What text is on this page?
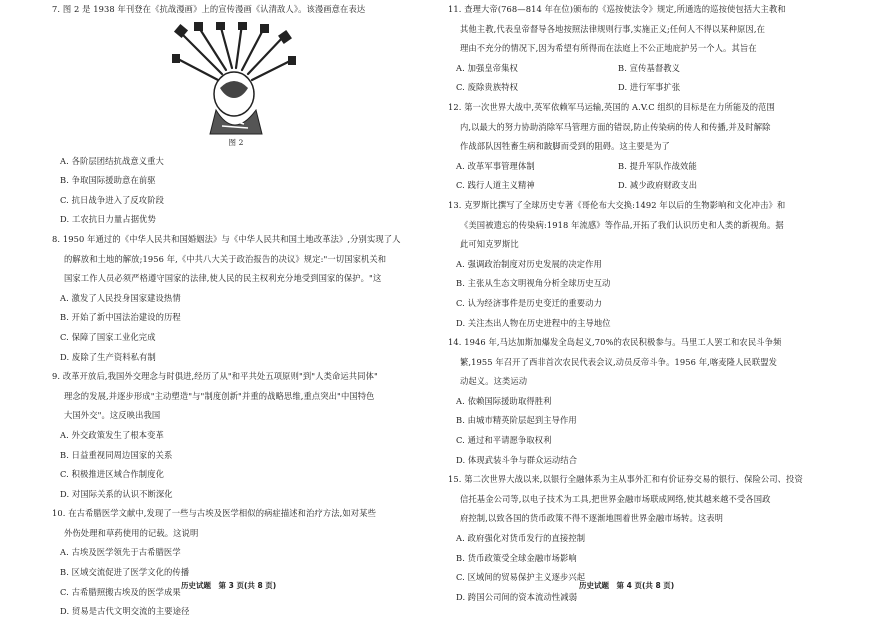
7. 图 2 是 1938 年刊登在《抗战漫画》上的宣传漫画《认清敌人》。该漫画意在表达
图 2
A. 各阶层团结抗战意义重大
B. 争取国际援助意在前驱
C. 抗日战争进入了反攻阶段
D. 工农抗日力量占据优势
8. 1950 年通过的《中华人民共和国婚姻法》与《中华人民共和国土地改革法》,分别实现了人
的解放和土地的解放;1956 年,《中共八大关于政治报告的决议》规定:"一切国家机关和
国家工作人员必须严格遵守国家的法律,使人民的民主权利充分地受到国家的保护。"这
A. 激发了人民投身国家建设热情
B. 开始了新中国法治建设的历程
C. 保障了国家工业化完成
D. 废除了生产资料私有制
9. 改革开放后,我国外交理念与时俱进,经历了从"和平共处五项原则"到"人类命运共同体"
理念的发展,并逐步形成"主动塑造"与"制度创新"并重的战略思维,重点突出"中国特色
大国外交"。这反映出我国
A. 外交政策发生了根本变革
B. 日益重视同周边国家的关系
C. 积极推进区域合作制度化
D. 对国际关系的认识不断深化
10. 在古希腊医学文献中,发现了一些与古埃及医学相似的病症描述和治疗方法,如对某些
外伤处理和草药使用的记载。这说明
A. 古埃及医学领先于古希腊医学
B. 区域交流促进了医学文化的传播
C. 古希腊照搬古埃及的医学成果
D. 贸易是古代文明交流的主要途径
11. 查理大帝(768—814 年在位)颁布的《巡按使法令》规定,所通选的巡按使包括大主教和
其他主教,代表皇帝督导各地按照法律规则行事,实施正义;任何人不得以某种原因,在
理由不充分的情况下,因为希望有所得而在法庭上不公正地庇护另一个人。其旨在
A. 加强皇帝集权	B. 宣传基督教义
C. 废除贵族特权	D. 进行军事扩张
12. 第一次世界大战中,英军依赖军马运输,英国的 A.V.C 组织的目标是在力所能及的范围
内,以最大的努力协助消除军马管理方面的错误,防止传染病的传人和传播,并及时解除
作战部队因牲畜生病和跛脚而受到的阻碍。这主要是为了
A. 改革军事管理体制	B. 提升军队作战效能
C. 践行人道主义精神	D. 减少政府财政支出
13. 克罗斯比撰写了全球历史专著《哥伦布大交换:1492 年以后的生物影响和文化冲击》和
《美国被遗忘的传染病:1918 年流感》等作品,开拓了我们认识历史和人类的新视角。据
此可知克罗斯比
A. 强调政治制度对历史发展的决定作用
B. 主张从生态文明视角分析全球历史互动
C. 认为经济事件是历史变迁的重要动力
D. 关注杰出人物在历史进程中的主导地位
14. 1946 年,马达加斯加爆发全岛起义,70%的农民积极参与。马里工人罢工和农民斗争频
繁,1955 年召开了西非首次农民代表会议,动员反帝斗争。1956 年,喀麦隆人民联盟发
动起义。这类运动
A. 依赖国际援助取得胜利
B. 由城市精英阶层起到主导作用
C. 通过和平请愿争取权利
D. 体现武装斗争与群众运动结合
15. 第二次世界大战以来,以银行全融体系为主从事外汇和有价证券交易的银行、保险公司、投资
信托基金公司等,以电子技术为工具,把世界金融市场联成网络,使其越来越不受各国政
府控制,以致各国的货币政策不得不逐渐地围着世界金融市场转。这表明
A. 政府强化对货币发行的直接控制
B. 货币政策受全球金融市场影响
C. 区域间的贸易保护主义逐步兴起
D. 跨国公司间的资本流动性减弱
历史试题　第 3 页(共 8 页)	历史试题　第 4 页(共 8 页)
